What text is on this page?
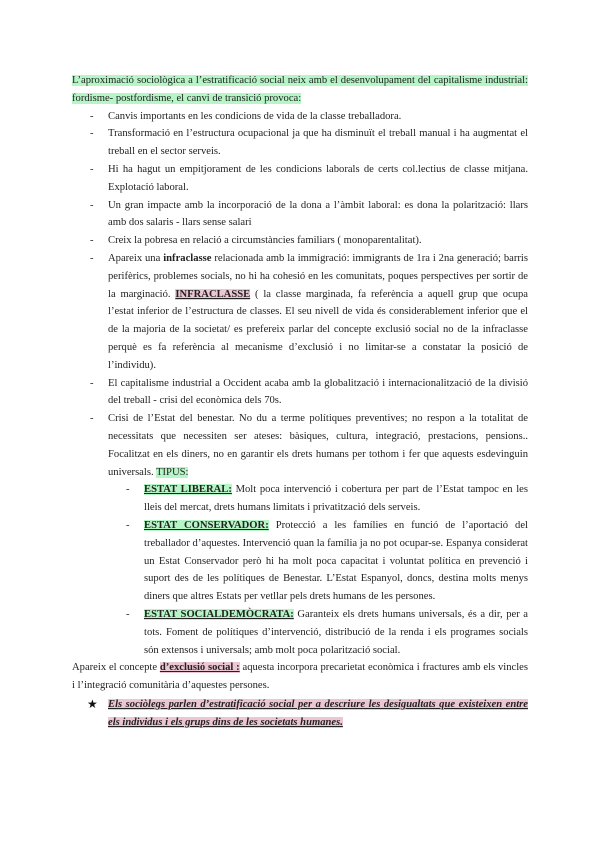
L’aproximació sociològica a l’estratificació social neix amb el desenvolupament del capitalisme industrial: fordisme- postfordisme, el canvi de transició provoca:

- Canvis importants en les condicions de vida de la classe treballadora.
- Transformació en l’estructura ocupacional ja que ha disminuït el treball manual i ha augmentat el treball en el sector serveis.
- Hi ha hagut un empitjorament de les condicions laborals de certs col.lectius de classe mitjana. Explotació laboral.
- Un gran impacte amb la incorporació de la dona a l’àmbit laboral: es dona la polarització: llars amb dos salaris - llars sense salari
- Creix la pobresa en relació a circumstàncies familiars ( monoparentalitat).
- Apareix una infraclasse relacionada amb la immigració: immigrants de 1ra i 2na generació; barris perifèrics, problemes socials, no hi ha cohesió en les comunitats, poques perspectives per sortir de la marginació. INFRACLASSE ( la classe marginada, fa referència a aquell grup que ocupa l’estat inferior de l’estructura de classes. El seu nivell de vida és considerablement inferior que el de la majoria de la societat/ es prefereix parlar del concepte exclusió social no de la infraclasse perquè es fa referència al mecanisme d’exclusió i no limitar-se a constatar la posició de l’individu).
- El capitalisme industrial a Occident acaba amb la globalització i internacionalització de la divisió del treball - crisi del econòmica dels 70s.
- Crisi de l’Estat del benestar. No du a terme polítiques preventives; no respon a la totalitat de necessitats que necessiten ser ateses: bàsiques, cultura, integració, prestacions, pensions.. Focalitzat en els diners, no en garantir els drets humans per tothom i fer que aquests esdevinguin universals. TIPUS:
- ESTAT LIBERAL: Molt poca intervenció i cobertura per part de l’Estat tampoc en les lleis del mercat, drets humans limitats i privatització dels serveis.
- ESTAT CONSERVADOR: Protecció a les famílies en funció de l’aportació del treballador d’aquestes. Intervenció quan la família ja no pot ocupar-se. Espanya considerat un Estat Conservador però hi ha molt poca capacitat i voluntat política en prevenció i suport des de les polítiques de Benestar. L’Estat Espanyol, doncs, destina molts menys diners que altres Estats per vetllar pels drets humans de les persones.
- ESTAT SOCIALDEMÒCRATA: Garanteix els drets humans universals, és a dir, per a tots. Foment de polítiques d’intervenció, distribució de la renda i els programes socials són extensos i universals; amb molt poca polarització social.

Apareix el concepte d’exclusió social : aquesta incorpora precarietat econòmica i fractures amb els vincles i l’integració comunitària d’aquestes persones.

★ Els sociòlegs parlen d’estratificació social per a descriure les desigualtats que existeixen entre els individus i els grups dins de les societats humanes.
